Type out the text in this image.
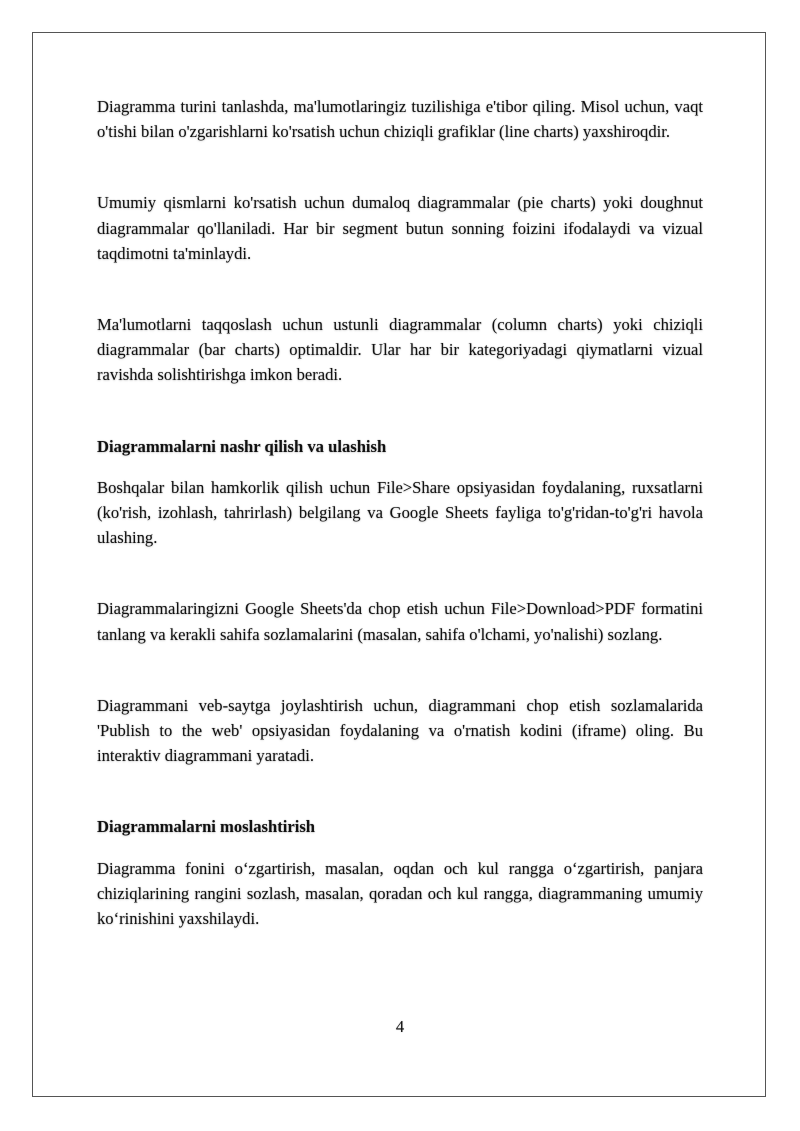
Diagramma turini tanlashda, ma'lumotlaringiz tuzilishiga e'tibor qiling. Misol uchun, vaqt o'tishi bilan o'zgarishlarni ko'rsatish uchun chiziqli grafiklar (line charts) yaxshiroqdir.

Umumiy qismlarni ko'rsatish uchun dumaloq diagrammalar (pie charts) yoki doughnut diagrammalar qo'llaniladi. Har bir segment butun sonning foizini ifodalaydi va vizual taqdimotni ta'minlaydi.

Ma'lumotlarni taqqoslash uchun ustunli diagrammalar (column charts) yoki chiziqli diagrammalar (bar charts) optimaldir. Ular har bir kategoriyadagi qiymatlarni vizual ravishda solishtirishga imkon beradi.

Diagrammalarni nashr qilish va ulashish

Boshqalar bilan hamkorlik qilish uchun File>Share opsiyasidan foydalaning, ruxsatlarni (ko'rish, izohlash, tahrirlash) belgilang va Google Sheets fayliga to'g'ridan-to'g'ri havola ulashing.

Diagrammalaringizni Google Sheets'da chop etish uchun File>Download>PDF formatini tanlang va kerakli sahifa sozlamalarini (masalan, sahifa o'lchami, yo'nalishi) sozlang.

Diagrammani veb-saytga joylashtirish uchun, diagrammani chop etish sozlamalarida 'Publish to the web' opsiyasidan foydalaning va o'rnatish kodini (iframe) oling. Bu interaktiv diagrammani yaratadi.

Diagrammalarni moslashtirish

Diagramma fonini o‘zgartirish, masalan, oqdan och kul rangga o‘zgartirish, panjara chiziqlarining rangini sozlash, masalan, qoradan och kul rangga, diagrammaning umumiy ko‘rinishini yaxshilaydi.

4
